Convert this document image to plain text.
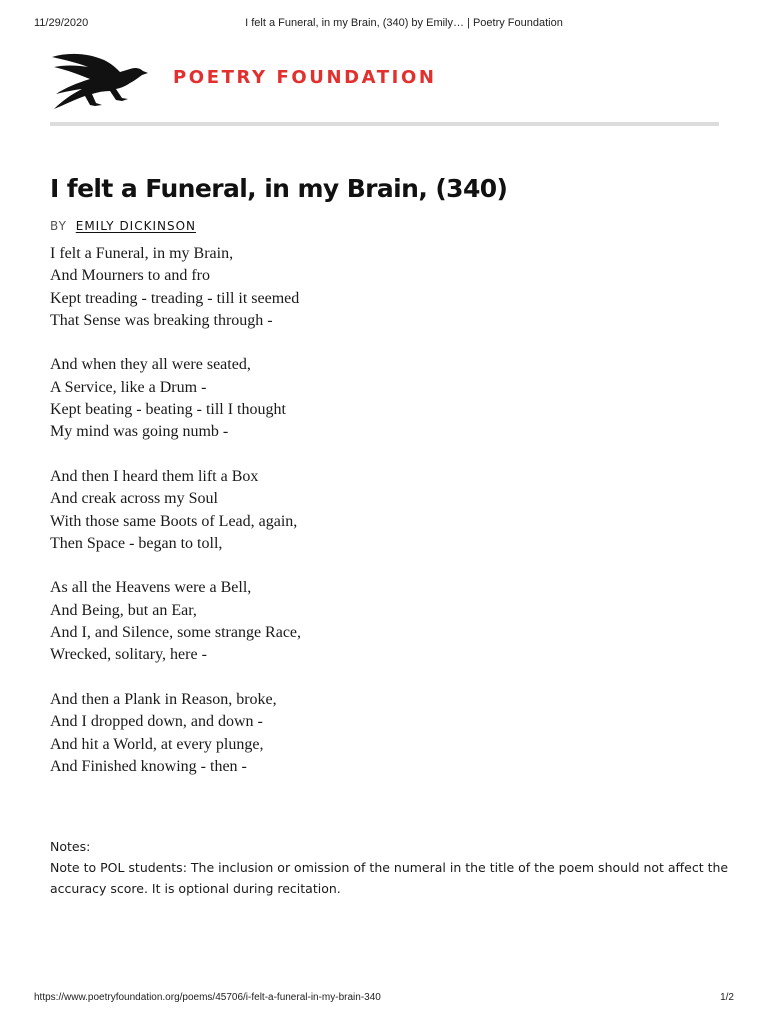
11/29/2020	I felt a Funeral, in my Brain, (340) by Emily… | Poetry Foundation
POETRY FOUNDATION
I felt a Funeral, in my Brain, (340)
BY EMILY DICKINSON
I felt a Funeral, in my Brain,
And Mourners to and fro
Kept treading - treading - till it seemed
That Sense was breaking through -
And when they all were seated,
A Service, like a Drum -
Kept beating - beating - till I thought
My mind was going numb -
And then I heard them lift a Box
And creak across my Soul
With those same Boots of Lead, again,
Then Space - began to toll,
As all the Heavens were a Bell,
And Being, but an Ear,
And I, and Silence, some strange Race,
Wrecked, solitary, here -
And then a Plank in Reason, broke,
And I dropped down, and down -
And hit a World, at every plunge,
And Finished knowing - then -
Notes:
Note to POL students: The inclusion or omission of the numeral in the title of the poem should not affect the accuracy score. It is optional during recitation.
https://www.poetryfoundation.org/poems/45706/i-felt-a-funeral-in-my-brain-340	1/2
